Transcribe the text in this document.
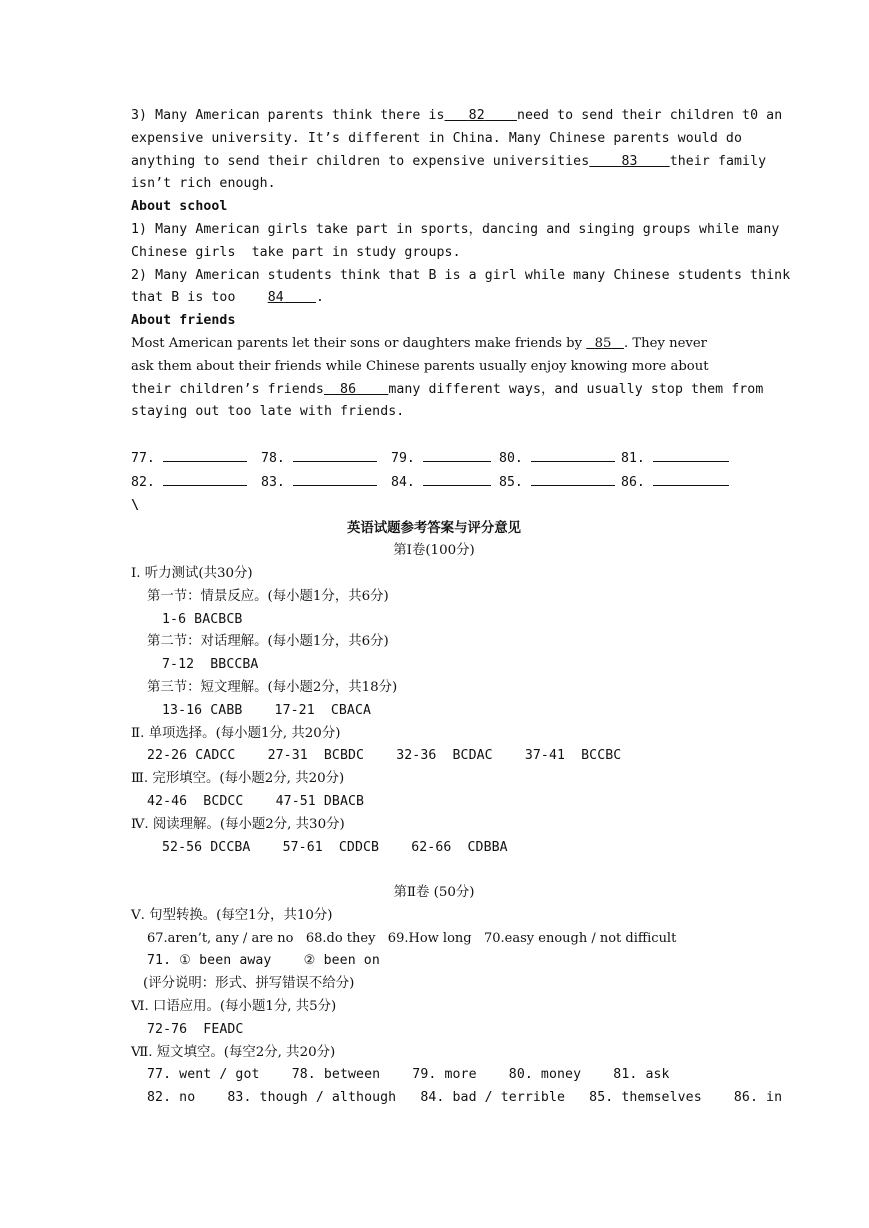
3) Many American parents think there is 82 need to send their children t0 an
expensive university. It’s different in China. Many Chinese parents would do
anything to send their children to expensive universities 83 their family
isn’t rich enough.
About school
1) Many American girls take part in sports，dancing and singing groups while many
Chinese girls  take part in study groups.
2) Many American students think that B is a girl while many Chinese students think
that B is too 84 .
About friends
Most American parents let their sons or daughters make friends by 85 . They never
ask them about their friends while Chinese parents usually enjoy knowing more about
their children’s friends 86 many different ways，and usually stop them from
staying out too late with friends.
77.	78.	79.	80.	81.
82.	83.	84.	85.	86.
\
英语试题参考答案与评分意见
第Ⅰ卷(100分)
Ⅰ. 听力测试(共30分)
第一节：情景反应。(每小题1分，共6分)
1-6 BACBCB
第二节：对话理解。(每小题1分，共6分)
7-12  BBCCBA
第三节：短文理解。(每小题2分，共18分)
13-16 CABB    17-21  CBACA
Ⅱ. 单项选择。(每小题1分, 共20分)
22-26 CADCC    27-31  BCBDC    32-36  BCDAC    37-41  BCCBC
Ⅲ. 完形填空。(每小题2分, 共20分)
42-46  BCDCC    47-51 DBACB
Ⅳ. 阅读理解。(每小题2分, 共30分)
52-56 DCCBA    57-61  CDDCB    62-66  CDBBA
第Ⅱ卷 (50分)
Ⅴ. 句型转换。(每空1分，共10分)
67.aren’t, any / are no   68.do they   69.How long   70.easy enough / not difficult
71. ① been away    ② been on
(评分说明：形式、拼写错误不给分)
Ⅵ. 口语应用。(每小题1分, 共5分)
72-76  FEADC
Ⅶ. 短文填空。(每空2分, 共20分)
77. went / got    78. between    79. more    80. money    81. ask
82. no    83. though / although   84. bad / terrible   85. themselves    86. in
